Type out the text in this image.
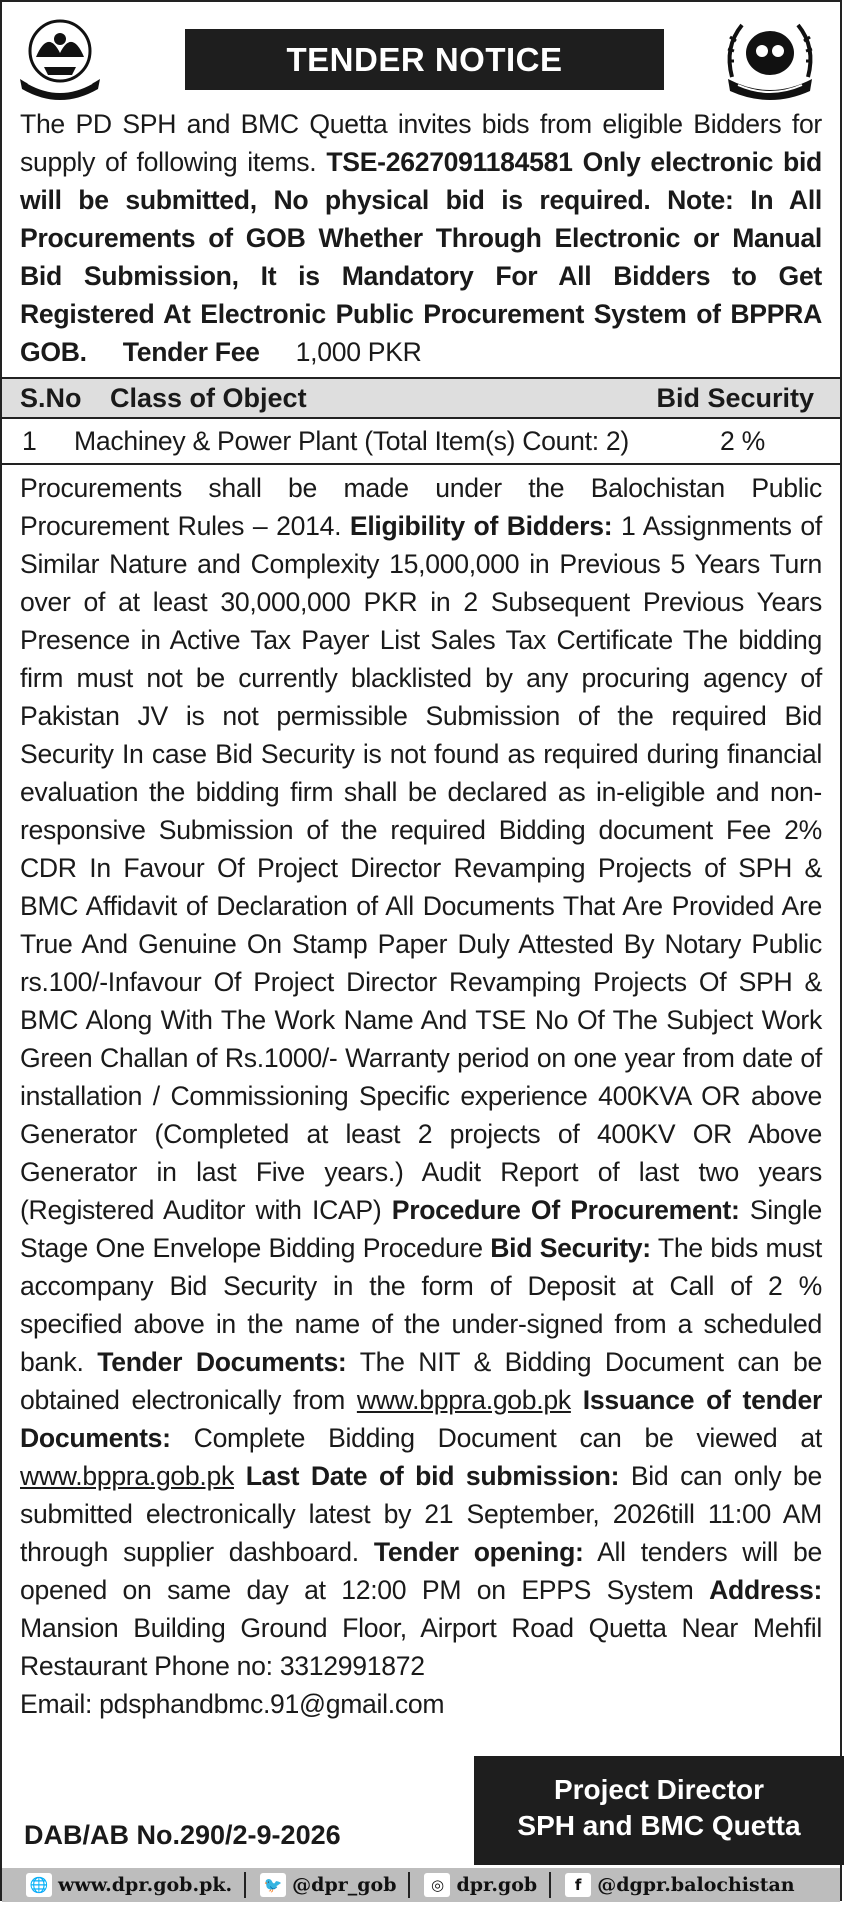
TENDER NOTICE

The PD SPH and BMC Quetta invites bids from eligible Bidders for supply of following items. TSE-2627091184581 Only electronic bid will be submitted, No physical bid is required. Note: In All Procurements of GOB Whether Through Electronic or Manual Bid Submission, It is Mandatory For All Bidders to Get Registered At Electronic Public Procurement System of BPPRA GOB. Tender Fee 1,000 PKR

S.No	Class of Object	Bid Security
1	Machiney & Power Plant (Total Item(s) Count: 2)	2 %

Procurements shall be made under the Balochistan Public Procurement Rules – 2014. Eligibility of Bidders: 1 Assignments of Similar Nature and Complexity 15,000,000 in Previous 5 Years Turn over of at least 30,000,000 PKR in 2 Subsequent Previous Years Presence in Active Tax Payer List Sales Tax Certificate The bidding firm must not be currently blacklisted by any procuring agency of Pakistan JV is not permissible Submission of the required Bid Security In case Bid Security is not found as required during financial evaluation the bidding firm shall be declared as in-eligible and non-responsive Submission of the required Bidding document Fee 2% CDR In Favour Of Project Director Revamping Projects of SPH & BMC Affidavit of Declaration of All Documents That Are Provided Are True And Genuine On Stamp Paper Duly Attested By Notary Public rs.100/-Infavour Of Project Director Revamping Projects Of SPH & BMC Along With The Work Name And TSE No Of The Subject Work Green Challan of Rs.1000/- Warranty period on one year from date of installation / Commissioning Specific experience 400KVA OR above Generator (Completed at least 2 projects of 400KV OR Above Generator in last Five years.) Audit Report of last two years (Registered Auditor with ICAP) Procedure Of Procurement: Single Stage One Envelope Bidding Procedure Bid Security: The bids must accompany Bid Security in the form of Deposit at Call of 2 % specified above in the name of the under-signed from a scheduled bank. Tender Documents: The NIT & Bidding Document can be obtained electronically from www.bppra.gob.pk Issuance of tender Documents: Complete Bidding Document can be viewed at www.bppra.gob.pk Last Date of bid submission: Bid can only be submitted electronically latest by 21 September, 2026till 11:00 AM through supplier dashboard. Tender opening: All tenders will be opened on same day at 12:00 PM on EPPS System Address: Mansion Building Ground Floor, Airport Road Quetta Near Mehfil Restaurant Phone no: 3312991872
Email: pdsphandbmc.91@gmail.com

Project Director
SPH and BMC Quetta
DAB/AB No.290/2-9-2026
🌐 www.dpr.gob.pk. 🐦 @dpr_gob	◎ dpr.gob	f @dgpr.balochistan
